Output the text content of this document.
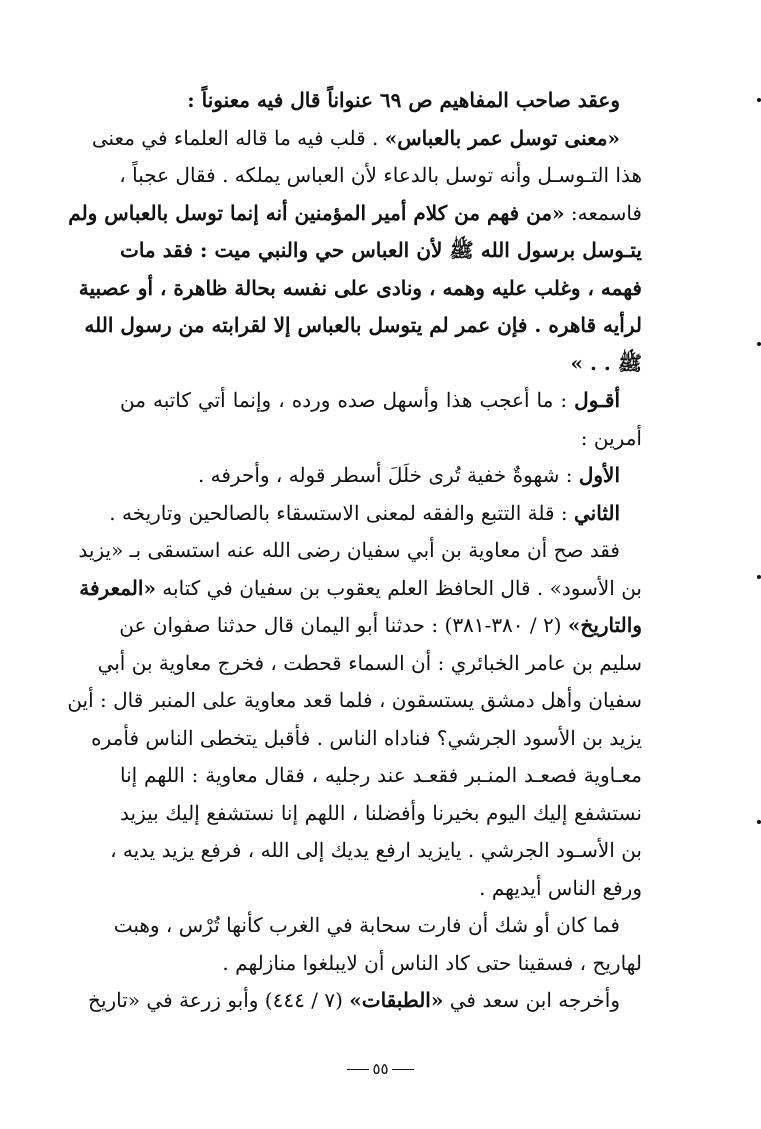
وعقد صاحب المفاهيم ص ٦٩ عنواناً قال فيه معنوناً :
«معنى توسل عمر بالعباس» . قلب فيه ما قاله العلماء في معنى
هذا التـوسـل وأنه توسل بالدعاء لأن العباس يملكه . فقال عجباً ،
فاسمعه: «من فهم من كلام أمير المؤمنين أنه إنما توسل بالعباس ولم
يتـوسل برسول الله ﷺ لأن العباس حي والنبي ميت : فقد مات
فهمه ، وغلب عليه وهمه ، ونادى على نفسه بحالة ظاهرة ، أو عصبية
لرأيه قاهره . فإن عمر لم يتوسل بالعباس إلا لقرابته من رسول الله
ﷺ . . »
أقـول : ما أعجب هذا وأسهل صده ورده ، وإنما أتي كاتبه من
أمرين :
الأول : شهوةٌ خفية تُرى خلَلَ أسطر قوله ، وأحرفه .
الثاني : قلة التتبع والفقه لمعنى الاستسقاء بالصالحين وتاريخه .
فقد صح أن معاوية بن أبي سفيان رضى الله عنه استسقى بـ «يزيد
بن الأسود» . قال الحافظ العلم يعقوب بن سفيان في كتابه «المعرفة
والتاريخ» (٢ / ٣٨٠-٣٨١) : حدثنا أبو اليمان قال حدثنا صفوان عن
سليم بن عامر الخبائري : أن السماء قحطت ، فخرج معاوية بن أبي
سفيان وأهل دمشق يستسقون ، فلما قعد معاوية على المنبر قال : أين
يزيد بن الأسود الجرشي؟ فناداه الناس . فأقبل يتخطى الناس فأمره
معـاوية فصعـد المنـبر فقعـد عند رجليه ، فقال معاوية : اللهم إنا
نستشفع إليك اليوم بخيرنا وأفضلنا ، اللهم إنا نستشفع إليك بيزيد
بن الأسـود الجرشي . يايزيد ارفع يديك إلى الله ، فرفع يزيد يديه ،
ورفع الناس أيديهم .
فما كان أو شك أن فارت سحابة في الغرب كأنها تُرْس ، وهبت
لهاريح ، فسقينا حتى كاد الناس أن لايبلغوا منازلهم .
وأخرجه ابن سعد في «الطبقات» (٧ / ٤٤٤) وأبو زرعة في «تاريخ
٥٥
